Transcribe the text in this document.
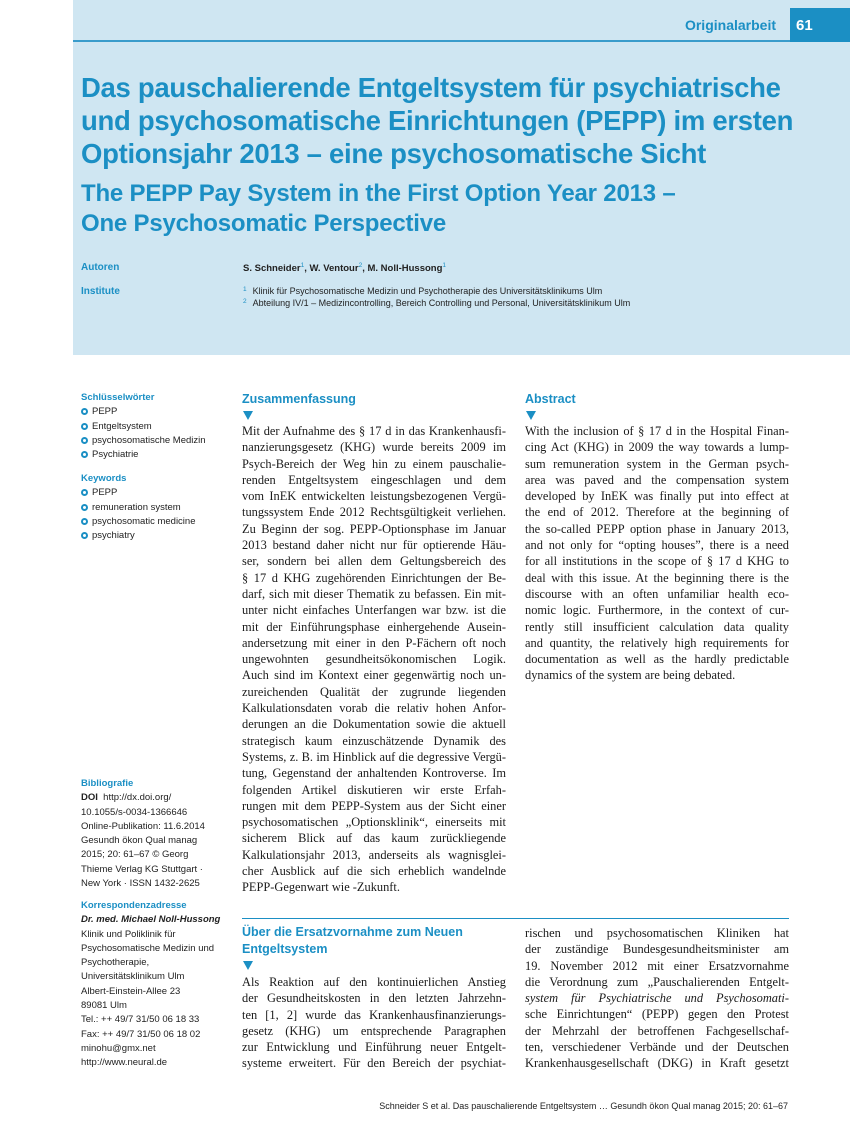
Originalarbeit	61
Das pauschalierende Entgeltsystem für psychiatrische
und psychosomatische Einrichtungen (PEPP) im ersten
Optionsjahr 2013 – eine psychosomatische Sicht
The PEPP Pay System in the First Option Year 2013 –
One Psychosomatic Perspective
Autoren	S. Schneider$^1$, W. Ventour$^2$, M. Noll-Hussong$^1$
Institute	$^1$ Klinik für Psychosomatische Medizin und Psychotherapie des Universitätsklinikums Ulm
$^2$ Abteilung IV/1 – Medizincontrolling, Bereich Controlling und Personal, Universitätsklinikum Ulm
Schlüsselwörter
PEPP
Entgeltsystem
psychosomatische Medizin
Psychiatrie
Keywords
PEPP
remuneration system
psychosomatic medicine
psychiatry
Bibliografie
DOI http://dx.doi.org/
10.1055/s-0034-1366646
Online-Publikation: 11.6.2014
Gesundh ökon Qual manag
2015; 20: 61–67 © Georg
Thieme Verlag KG Stuttgart ·
New York · ISSN 1432-2625
Korrespondenzadresse
Dr. med. Michael Noll-Hussong
Klinik und Poliklinik für
Psychosomatische Medizin und
Psychotherapie,
Universitätsklinikum Ulm
Albert-Einstein-Allee 23
89081 Ulm
Tel.: ++ 49/7 31/50 06 18 33
Fax: ++ 49/7 31/50 06 18 02
minohu@gmx.net
http://www.neural.de
Zusammenfassung
Mit der Aufnahme des § 17 d in das Krankenhausfi-
nanzierungsgesetz (KHG) wurde bereits 2009 im
Psych-Bereich der Weg hin zu einem pauschalie-
renden Entgeltsystem eingeschlagen und dem
vom InEK entwickelten leistungsbezogenen Vergü-
tungssystem Ende 2012 Rechtsgültigkeit verliehen.
Zu Beginn der sog. PEPP-Optionsphase im Januar
2013 bestand daher nicht nur für optierende Häu-
ser, sondern bei allen dem Geltungsbereich des
§ 17 d KHG zugehörenden Einrichtungen der Be-
darf, sich mit dieser Thematik zu befassen. Ein mit-
unter nicht einfaches Unterfangen war bzw. ist die
mit der Einführungsphase einhergehende Ausein-
andersetzung mit einer in den P-Fächern oft noch
ungewohnten gesundheitsökonomischen Logik.
Auch sind im Kontext einer gegenwärtig noch un-
zureichenden Qualität der zugrunde liegenden
Kalkulationsdaten vorab die relativ hohen Anfor-
derungen an die Dokumentation sowie die aktuell
strategisch kaum einzuschätzende Dynamik des
Systems, z. B. im Hinblick auf die degressive Vergü-
tung, Gegenstand der anhaltenden Kontroverse. Im
folgenden Artikel diskutieren wir erste Erfah-
rungen mit dem PEPP-System aus der Sicht einer
psychosomatischen „Optionsklinik“, einerseits mit
sicherem Blick auf das kaum zurückliegende
Kalkulationsjahr 2013, anderseits als wagnisglei-
cher Ausblick auf die sich erheblich wandelnde
PEPP-Gegenwart wie -Zukunft.
Abstract
With the inclusion of § 17 d in the Hospital Finan-
cing Act (KHG) in 2009 the way towards a lump-
sum remuneration system in the German psych-
area was paved and the compensation system
developed by InEK was finally put into effect at
the end of 2012. Therefore at the beginning of
the so-called PEPP option phase in January 2013,
and not only for “opting houses”, there is a need
for all institutions in the scope of § 17 d KHG to
deal with this issue. At the beginning there is the
discourse with an often unfamiliar health eco-
nomic logic. Furthermore, in the context of cur-
rently still insufficient calculation data quality
and quantity, the relatively high requirements for
documentation as well as the hardly predictable
dynamics of the system are being debated.
Über die Ersatzvornahme zum Neuen
Entgeltsystem
Als Reaktion auf den kontinuierlichen Anstieg
der Gesundheitskosten in den letzten Jahrzehn-
ten [1, 2] wurde das Krankenhausfinanzierungs-
gesetz (KHG) um entsprechende Paragraphen
zur Entwicklung und Einführung neuer Entgelt-
systeme erweitert. Für den Bereich der psychiat-
rischen und psychosomatischen Kliniken hat
der zuständige Bundesgesundheitsminister am
19. November 2012 mit einer Ersatzvornahme
die Verordnung zum „Pauschalierenden Entgelt-
system für Psychiatrische und Psychosomati-
sche Einrichtungen“ (PEPP) gegen den Protest
der Mehrzahl der betroffenen Fachgesellschaf-
ten, verschiedener Verbände und der Deutschen
Krankenhausgesellschaft (DKG) in Kraft gesetzt
Schneider S et al. Das pauschalierende Entgeltsystem … Gesundh ökon Qual manag 2015; 20: 61–67
